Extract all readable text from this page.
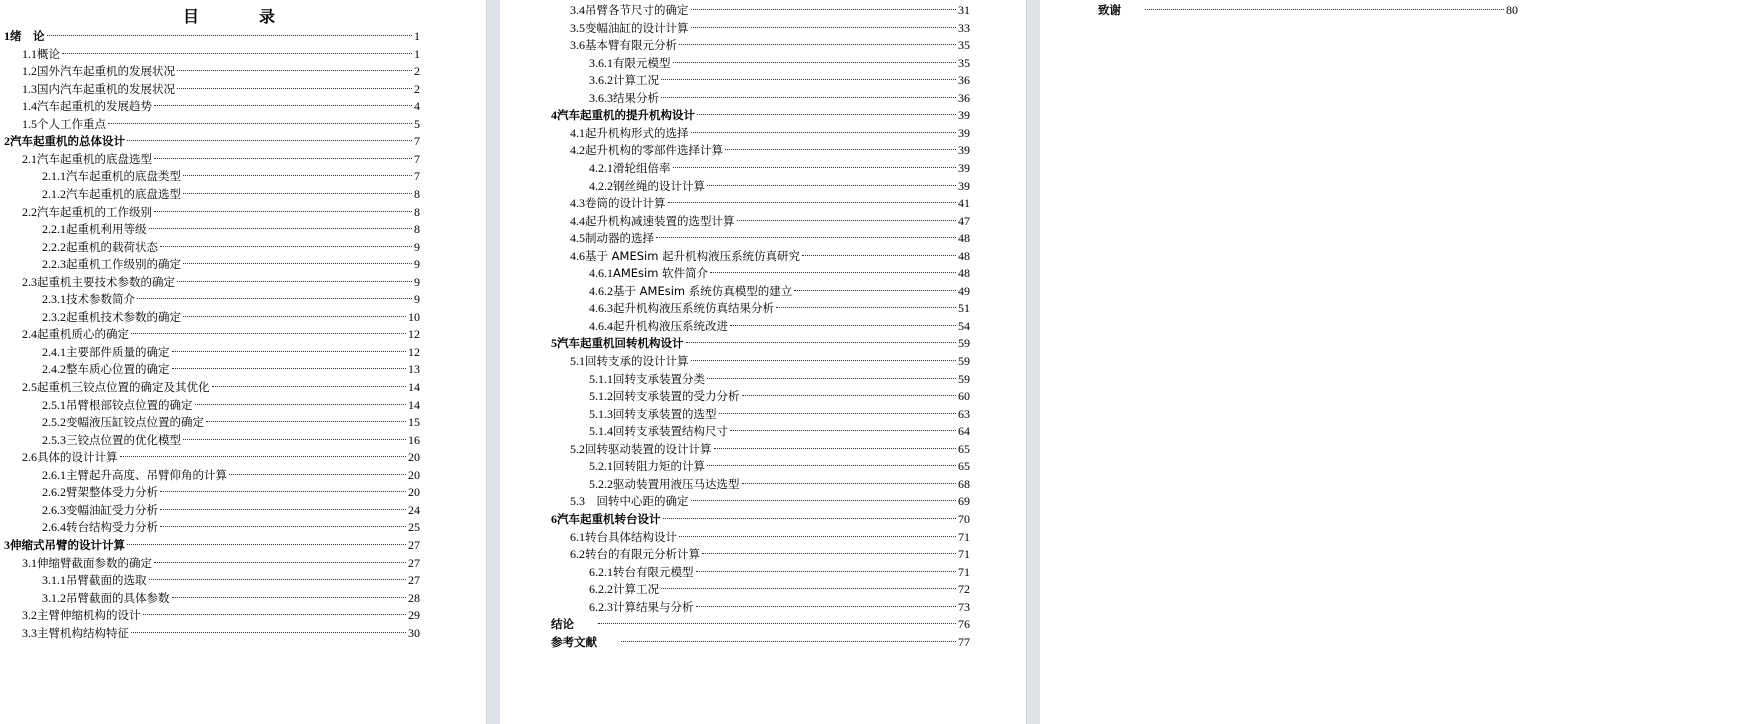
目　录
1 绪　论	1
1.1 概论	1
1.2 国外汽车起重机的发展状况	2
1.3 国内汽车起重机的发展状况	2
1.4 汽车起重机的发展趋势	4
1.5 个人工作重点	5
2 汽车起重机的总体设计	7
2.1 汽车起重机的底盘选型	7
2.1.1 汽车起重机的底盘类型	7
2.1.2 汽车起重机的底盘选型	8
2.2 汽车起重机的工作级别	8
2.2.1 起重机利用等级	8
2.2.2 起重机的载荷状态	9
2.2.3 起重机工作级别的确定	9
2.3 起重机主要技术参数的确定	9
2.3.1 技术参数简介	9
2.3.2 起重机技术参数的确定	10
2.4 起重机质心的确定	12
2.4.1 主要部件质量的确定	12
2.4.2 整车质心位置的确定	13
2.5 起重机三铰点位置的确定及其优化	14
2.5.1 吊臂根部铰点位置的确定	14
2.5.2 变幅液压缸铰点位置的确定	15
2.5.3 三铰点位置的优化模型	16
2.6 具体的设计计算	20
2.6.1 主臂起升高度、吊臂仰角的计算	20
2.6.2 臂架整体受力分析	20
2.6.3 变幅油缸受力分析	24
2.6.4 转台结构受力分析	25
3 伸缩式吊臂的设计计算	27
3.1 伸缩臂截面参数的确定	27
3.1.1 吊臂截面的选取	27
3.1.2 吊臂截面的具体参数	28
3.2 主臂伸缩机构的设计	29
3.3 主臂机构结构特征	30
3.4 吊臂各节尺寸的确定	31
3.5 变幅油缸的设计计算	33
3.6 基本臂有限元分析	35
3.6.1 有限元模型	35
3.6.2 计算工况	36
3.6.3 结果分析	36
4 汽车起重机的提升机构设计	39
4.1 起升机构形式的选择	39
4.2 起升机构的零部件选择计算	39
4.2.1 滑轮组倍率	39
4.2.2 钢丝绳的设计计算	39
4.3 卷筒的设计计算	41
4.4 起升机构减速装置的选型计算	47
4.5 制动器的选择	48
4.6 基于 AMESim 起升机构液压系统仿真研究	48
4.6.1 AMEsim 软件简介	48
4.6.2 基于 AMEsim 系统仿真模型的建立	49
4.6.3 起升机构液压系统仿真结果分析	51
4.6.4 起升机构液压系统改进	54
5 汽车起重机回转机构设计	59
5.1 回转支承的设计计算	59
5.1.1 回转支承装置分类	59
5.1.2 回转支承装置的受力分析	60
5.1.3 回转支承装置的选型	63
5.1.4 回转支承装置结构尺寸	64
5.2 回转驱动装置的设计计算	65
5.2.1 回转阻力矩的计算	65
5.2.2 驱动装置用液压马达选型	68
5.3 　回转中心距的确定	69
6 汽车起重机转台设计	70
6.1 转台具体结构设计	71
6.2 转台的有限元分析计算	71
6.2.1 转台有限元模型	71
6.2.2 计算工况	72
6.2.3 计算结果与分析	73
结论	76
参考文献	77
致谢	80
